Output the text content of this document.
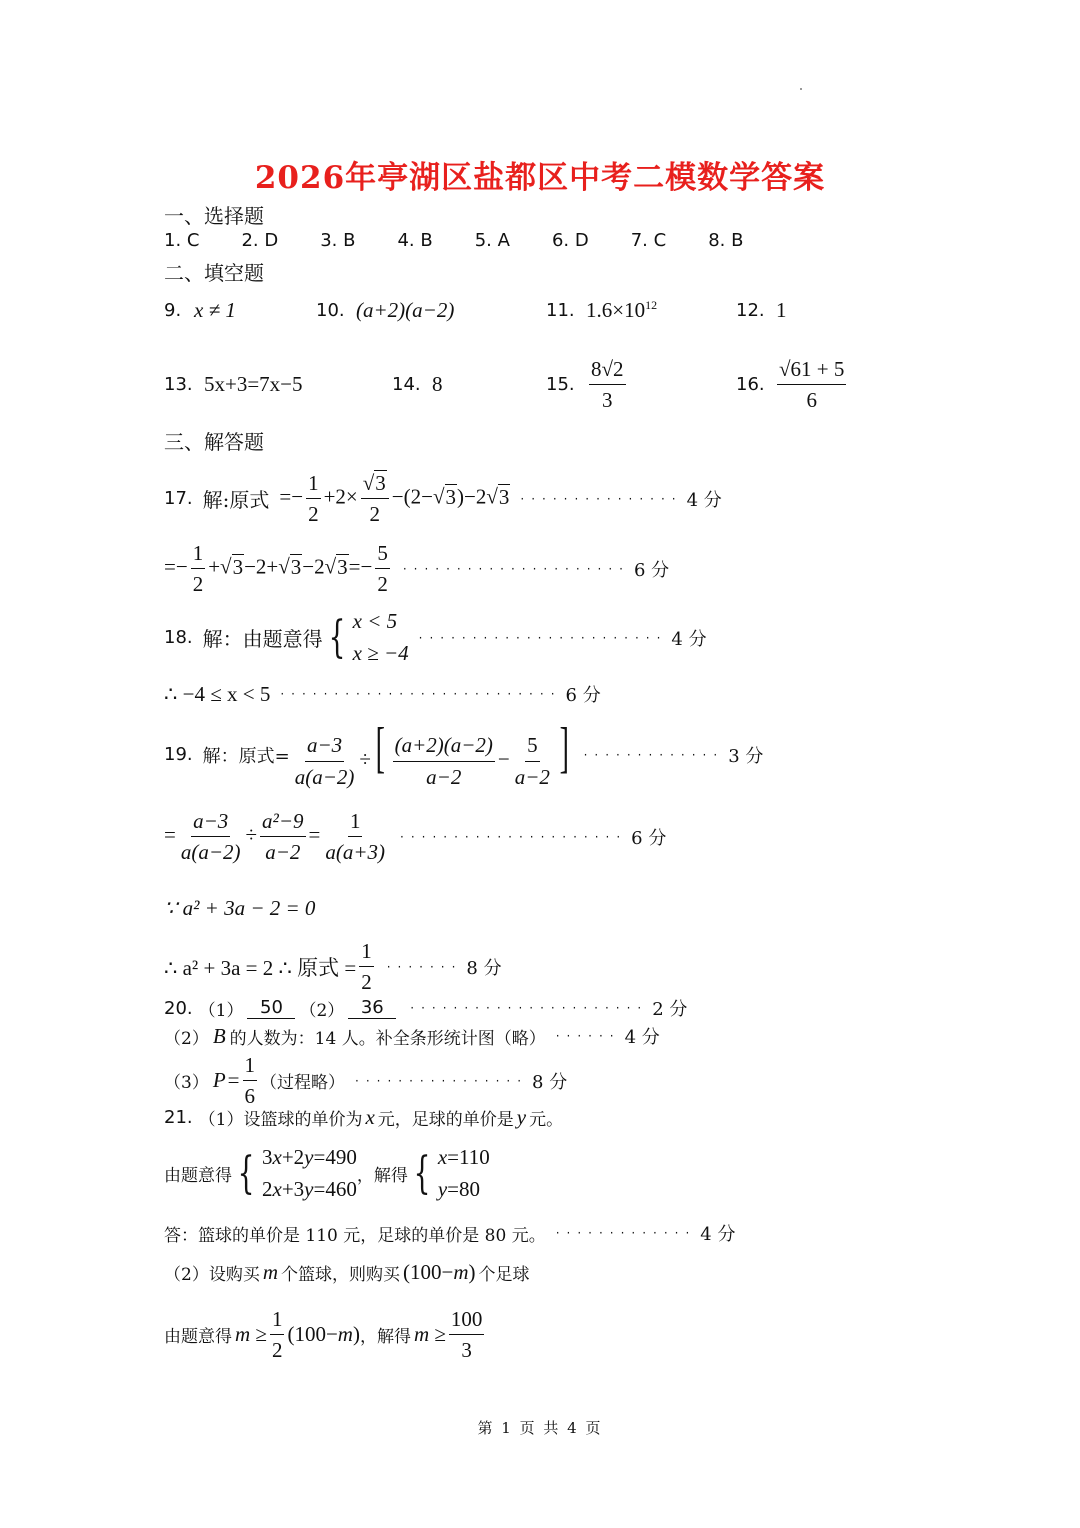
2026年亭湖区盐都区中考二模数学答案
一、选择题
1. C 2. D 3. B 4. B 5. A 6. D 7. C 8. B
二、填空题
9. x ≠ 1	10. (a+2)(a−2)	11. $1.6\times 10^{12}$	12. 1
13. 5x+3=7x−5	14. 8	15. $\frac{8√2}{3}$	16. $\frac{√61 + 5}{6}$
三、解答题
17. 解:原式 =− $\frac{1}{2} +2\times \frac{√3}{2} -(2-√3)-2√3$ ··············· 4 分
=− $\frac{1}{2} +√3-2+√3-2√3=- \frac{5}{2}$ ····················· 6 分
18. 解：由题意得 { x < 5
x ≥ −4
······················· 4 分
∴ −4 ≤ x < 5 ·························· 6 分
19. 解：原式= $\frac{a-3}{a(a-2)}$ ÷[ $\frac{(a+2)(a-2)}{a-2} - \frac{5}{a-2}$ ]	············· 3 分
= $\frac{a-3}{a(a-2)} \div \frac{\text{a²−9}}{a-2} = \frac{1}{a(a+3)}$ ····················· 6 分
∵ a² + 3a − 2 = 0
∴ a² + 3a = 2 ∴ 原式 = $\frac{1}{2}$ ······· 8 分
20. （1） 50 （2） 36	······················ 2 分
（2） B 的人数为：14 人。补全条形统计图（略） ······ 4 分
（3） $P = \frac{1}{6}$ （过程略） ················ 8 分
21. （1）设篮球的单价为 x 元，足球的单价是 y 元。
由题意得 { 3x+2y=490
2x+3y=460
，解得 { x=110
y=80
答：篮球的单价是 110 元，足球的单价是 80 元。 ············· 4 分
（2）设购买 m 个篮球，则购买 (100−m) 个足球
由题意得 $m \ge \frac{1}{2} (100-m)$ ，解得 $m \ge \frac{100}{3}$
第 1 页 共 4 页
